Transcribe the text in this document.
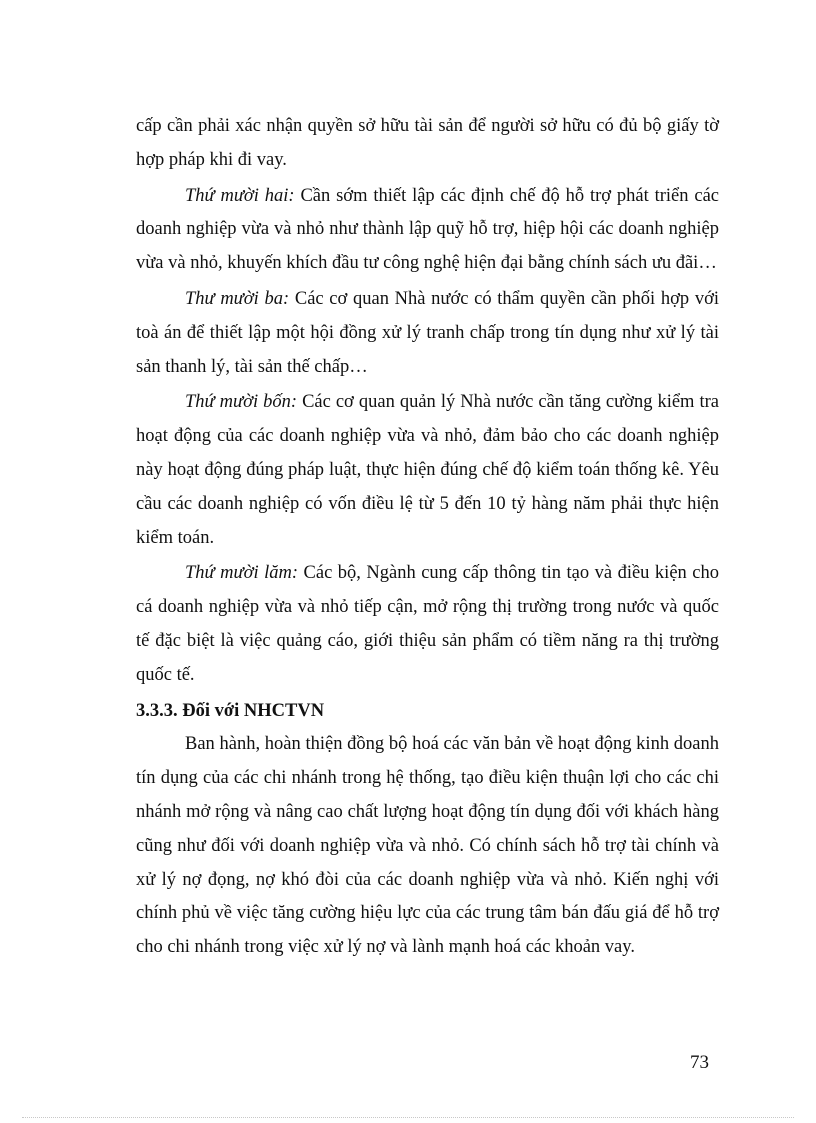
cấp cần phải xác nhận quyền sở hữu tài sản để người sở hữu có đủ bộ giấy tờ hợp pháp khi đi vay.

Thứ mười hai: Cần sớm thiết lập các định chế độ hỗ trợ phát triển các doanh nghiệp vừa và nhỏ như thành lập quỹ hỗ trợ, hiệp hội các doanh nghiệp vừa và nhỏ, khuyến khích đầu tư công nghệ hiện đại bằng chính sách ưu đãi…

Thư mười ba: Các cơ quan Nhà nước có thẩm quyền cần phối hợp với toà án để thiết lập một hội đồng xử lý tranh chấp trong tín dụng như xử lý tài sản thanh lý, tài sản thế chấp…

Thứ mười bốn: Các cơ quan quản lý Nhà nước cần tăng cường kiểm tra hoạt động của các doanh nghiệp vừa và nhỏ, đảm bảo cho các doanh nghiệp này hoạt động đúng pháp luật, thực hiện đúng chế độ kiểm toán thống kê. Yêu cầu các doanh nghiệp có vốn điều lệ từ 5 đến 10 tỷ hàng năm phải thực hiện kiểm toán.

Thứ mười lăm: Các bộ, Ngành cung cấp thông tin tạo và điều kiện cho cá doanh nghiệp vừa và nhỏ tiếp cận, mở rộng thị trường trong nước và quốc tế đặc biệt là việc quảng cáo, giới thiệu sản phẩm có tiềm năng ra thị trường quốc tế.

3.3.3. Đối với NHCTVN

Ban hành, hoàn thiện đồng bộ hoá các văn bản về hoạt động kinh doanh tín dụng của các chi nhánh trong hệ thống, tạo điều kiện thuận lợi cho các chi nhánh mở rộng và nâng cao chất lượng hoạt động tín dụng đối với khách hàng cũng như đối với doanh nghiệp vừa và nhỏ. Có chính sách hỗ trợ tài chính và xử lý nợ đọng, nợ khó đòi của các doanh nghiệp vừa và nhỏ. Kiến nghị với chính phủ về việc tăng cường hiệu lực của các trung tâm bán đấu giá để hỗ trợ cho chi nhánh trong việc xử lý nợ và lành mạnh hoá các khoản vay.

73
